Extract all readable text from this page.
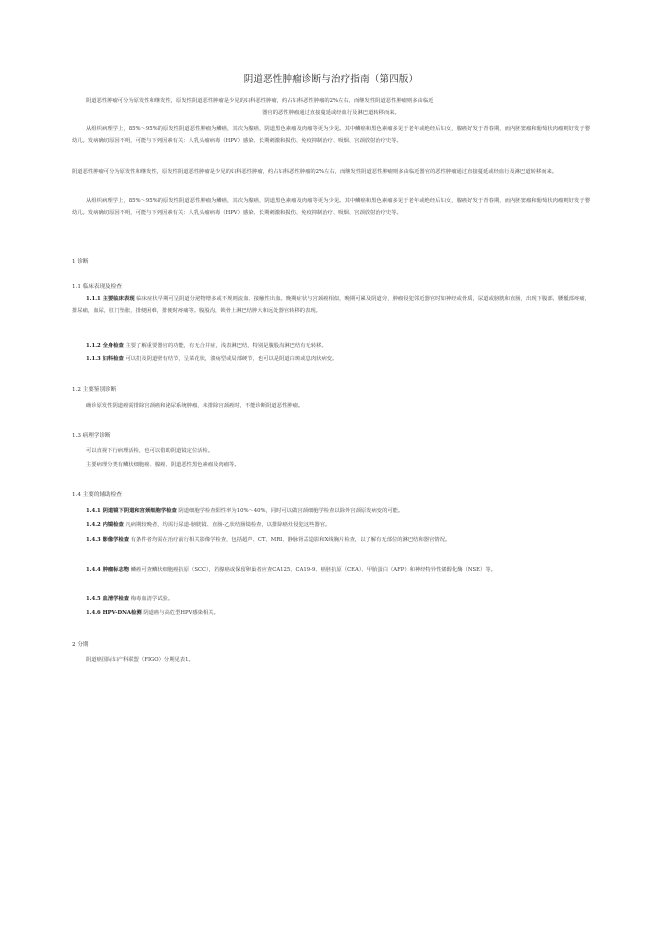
阴道恶性肿瘤诊断与治疗指南（第四版）
阴道恶性肿瘤可分为原发性和继发性，原发性阴道恶性肿瘤是少见的妇科恶性肿瘤，约占妇科恶性肿瘤的2%左右，而继发性阴道恶性肿瘤则多由临近
器官的恶性肿瘤通过直接蔓延或经血行及淋巴道转移而来。
从组织病理学上，85%～95%的原发性阴道恶性肿瘤为鳞癌，其次为腺癌，阴道黑色素瘤及肉瘤等更为少见。其中鳞癌和黑色素瘤多见于老年或绝经后妇女，腺癌好发于青春期，而内胚窦瘤和葡萄状肉瘤则好发于婴幼儿。发病确切原因不明，可能与下列因素有关：人乳头瘤病毒（HPV）感染、长期刺激和损伤、免疫抑制治疗、吸烟、宫颈放射治疗史等。
阴道恶性肿瘤可分为原发性和继发性，原发性阴道恶性肿瘤是少见的妇科恶性肿瘤，约占妇科恶性肿瘤的2%左右，而继发性阴道恶性肿瘤则多由临近器官的恶性肿瘤通过直接蔓延或经血行及淋巴道转移而来。
从组织病理学上，85%～95%的原发性阴道恶性肿瘤为鳞癌，其次为腺癌，阴道黑色素瘤及肉瘤等更为少见。其中鳞癌和黑色素瘤多见于老年或绝经后妇女，腺癌好发于青春期，而内胚窦瘤和葡萄状肉瘤则好发于婴幼儿。发病确切原因不明，可能与下列因素有关：人乳头瘤病毒（HPV）感染、长期刺激和损伤、免疫抑制治疗、吸烟、宫颈放射治疗史等。
1 诊断
1.1 临床表现及检查
1.1.1 主要临床表现 临床症状早期可呈阴道分泌物增多或不规则流血、接触性出血。晚期症状与宫颈癌相似，晚期可累及阴道旁，肿瘤侵犯邻近器官时如神经或骨质，尿道或膀胱和直肠，出现下腹部，腰骶部疼痛，排尿痛，血尿，肛门坠胀，排便困难，排便时疼痛等。腹股沟，锁骨上淋巴结肿大和远处器官转移的表现。
1.1.2 全身检查 主要了解重要器官的功能，有无合并症，浅表淋巴结，特别是腹股沟淋巴结有无转移。
1.1.3 妇科检查 可以扪及阴道壁有结节，呈菜花状，溃疡型或局部硬节，也可以是阴道白斑或息肉状病变。
1.2 主要鉴别诊断
确诊原发性阴道癌需排除宫颈癌和泌尿系统肿瘤，未排除宫颈癌时，不能诊断阴道恶性肿瘤。
1.3 病理学诊断
可以直视下行病理活检，也可以借助阴道镜定位活检。
主要病理分类有鳞状细胞癌、腺癌、阴道恶性黑色素瘤及肉瘤等。
1.4 主要的辅助检查
1.4.1 阴道镜下阴道和宫颈细胞学检查 阴道细胞学检查阳性率为10%～40%，同时可以做宫颈细胞学检查以除外宫颈原发病变的可能。
1.4.2 内镜检查 凡病期较晚者，均需行尿道-膀胱镜、直肠-乙状结肠镜检查，以排除癌灶侵犯这些器官。
1.4.3 影像学检查 有条件者均需在治疗前行相关影像学检查，包括超声、CT、MRI、静脉肾盂造影和X线胸片检查，以了解有无部位的淋巴结和器官情况。
1.4.4 肿瘤标志物 鳞癌可查鳞状细胞癌抗原（SCC），若腺癌或保留卵巢者应查CA125、CA19-9、癌胚抗原（CEA）、甲胎蛋白（AFP）和神经特异性烯醇化酶（NSE）等。
1.4.5 血清学检查 梅毒血清学试验。
1.4.6 HPV-DNA检测 阴道癌与高危型HPV感染相关。
2 分期
阴道癌国际妇产科联盟（FIGO）分期见表1。
